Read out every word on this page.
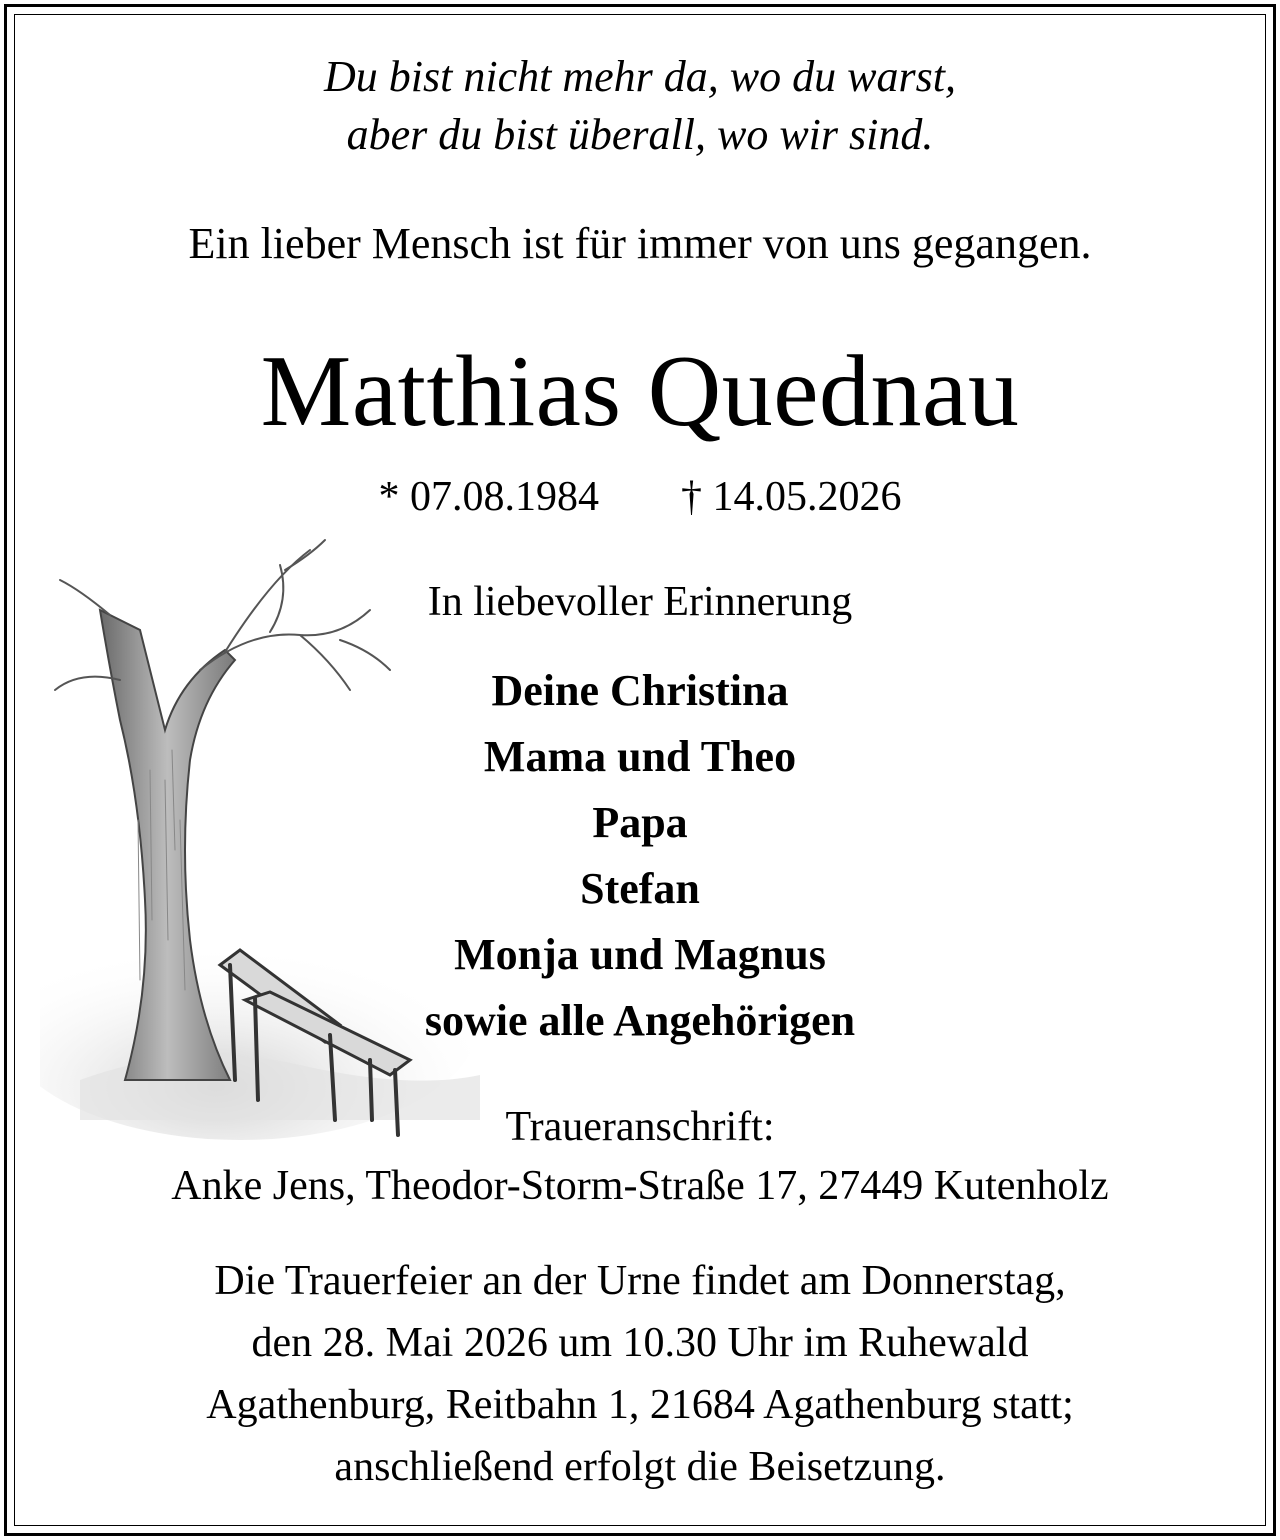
Du bist nicht mehr da, wo du warst,
aber du bist überall, wo wir sind.
Ein lieber Mensch ist für immer von uns gegangen.
Matthias Quednau
* 07.08.1984 † 14.05.2026
In liebevoller Erinnerung
Deine Christina
Mama und Theo
Papa
Stefan
Monja und Magnus
sowie alle Angehörigen
Traueranschrift:
Anke Jens, Theodor-Storm-Straße 17, 27449 Kutenholz
Die Trauerfeier an der Urne findet am Donnerstag,
den 28. Mai 2026 um 10.30 Uhr im Ruhewald
Agathenburg, Reitbahn 1, 21684 Agathenburg statt;
anschließend erfolgt die Beisetzung.
